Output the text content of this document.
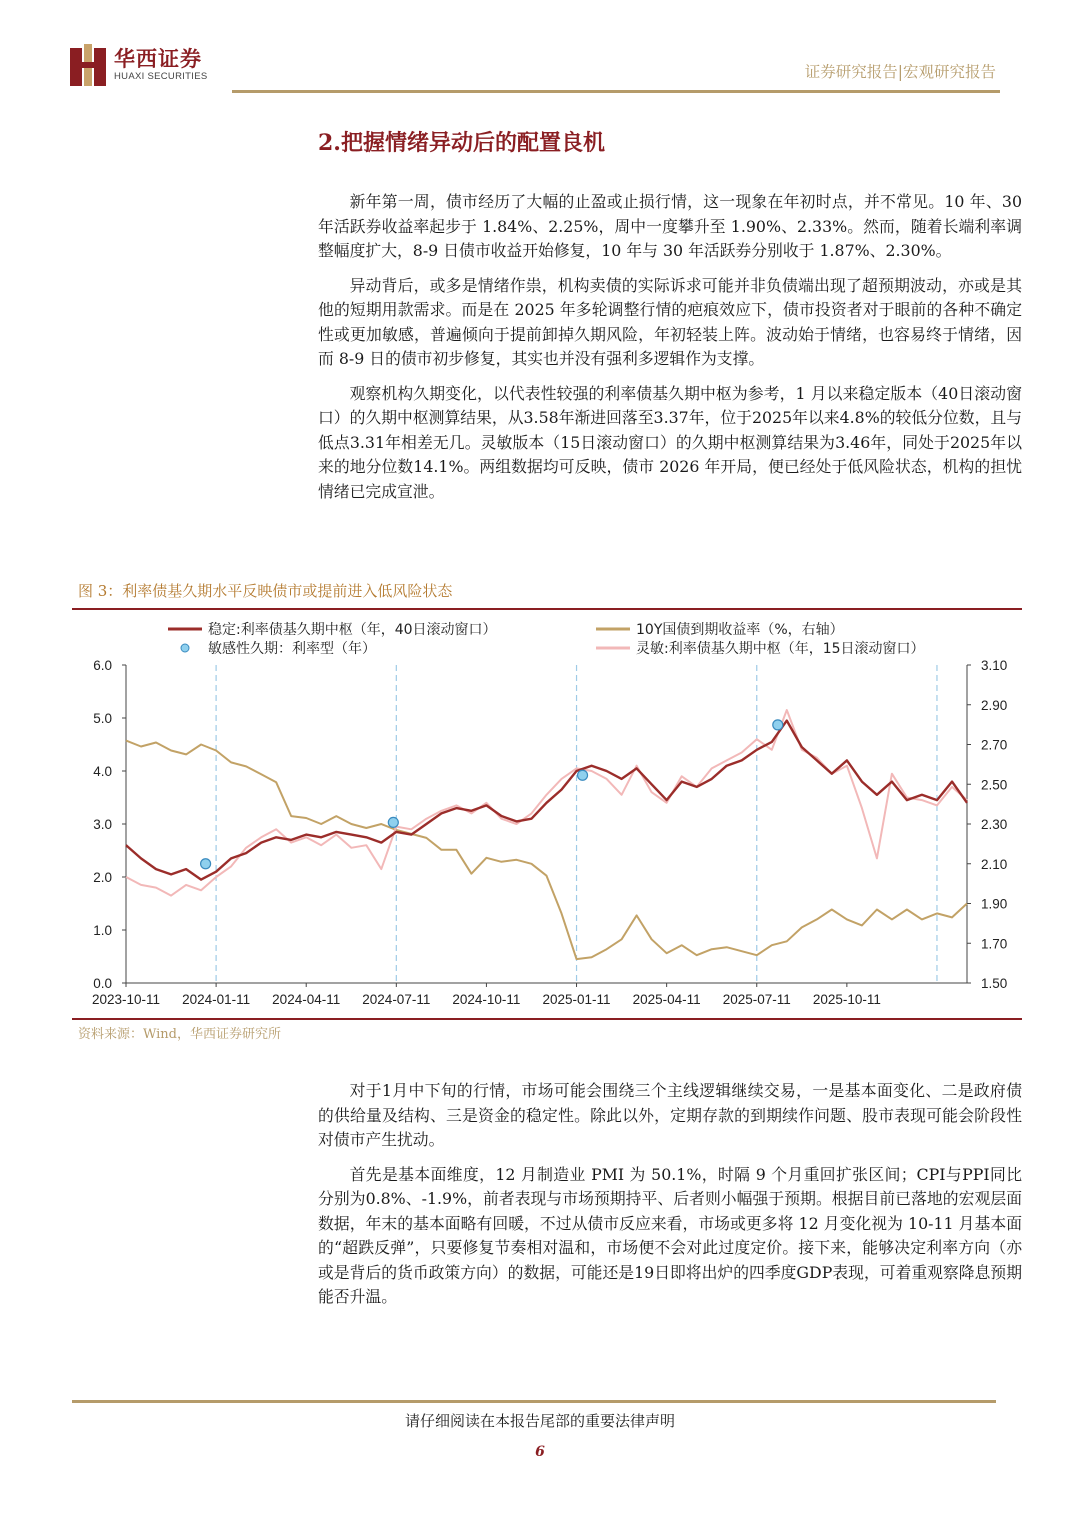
华西证券
HUAXI SECURITIES	证券研究报告|宏观研究报告
2.把握情绪异动后的配置良机

新年第一周，债市经历了大幅的止盈或止损行情，这一现象在年初时点，并不常见。10 年、30 年活跃券收益率起步于 1.84%、2.25%，周中一度攀升至 1.90%、2.33%。然而，随着长端利率调整幅度扩大，8-9 日债市收益开始修复，10 年与 30 年活跃券分别收于 1.87%、2.30%。

异动背后，或多是情绪作祟，机构卖债的实际诉求可能并非负债端出现了超预期波动，亦或是其他的短期用款需求。而是在 2025 年多轮调整行情的疤痕效应下，债市投资者对于眼前的各种不确定性或更加敏感，普遍倾向于提前卸掉久期风险，年初轻装上阵。波动始于情绪，也容易终于情绪，因而 8-9 日的债市初步修复，其实也并没有强利多逻辑作为支撑。

观察机构久期变化，以代表性较强的利率债基久期中枢为参考，1 月以来稳定版本（40日滚动窗口）的久期中枢测算结果，从3.58年渐进回落至3.37年，位于2025年以来4.8%的较低分位数，且与低点3.31年相差无几。灵敏版本（15日滚动窗口）的久期中枢测算结果为3.46年，同处于2025年以来的地分位数14.1%。两组数据均可反映，债市 2026 年开局，便已经处于低风险状态，机构的担忧情绪已完成宣泄。

图 3：利率债基久期水平反映债市或提前进入低风险状态
稳定:利率债基久期中枢（年，40日滚动窗口）	10Y国债到期收益率（%，右轴）
敏感性久期：利率型（年）	灵敏:利率债基久期中枢（年，15日滚动窗口）
6.0
5.0
4.0
3.0
2.0
1.0
0.0
3.10
2.90
2.70
2.50
2.30
2.10
1.90
1.70
1.50
2023-10-11 2024-01-11 2024-04-11 2024-07-11 2024-10-11 2025-01-11 2025-04-11 2025-07-11 2025-10-11
资料来源：Wind，华西证券研究所

对于1月中下旬的行情，市场可能会围绕三个主线逻辑继续交易，一是基本面变化、二是政府债的供给量及结构、三是资金的稳定性。除此以外，定期存款的到期续作问题、股市表现可能会阶段性对债市产生扰动。

首先是基本面维度，12 月制造业 PMI 为 50.1%，时隔 9 个月重回扩张区间；CPI与PPI同比分别为0.8%、-1.9%，前者表现与市场预期持平、后者则小幅强于预期。根据目前已落地的宏观层面数据，年末的基本面略有回暖，不过从债市反应来看，市场或更多将 12 月变化视为 10-11 月基本面的“超跌反弹”，只要修复节奏相对温和，市场便不会对此过度定价。接下来，能够决定利率方向（亦或是背后的货币政策方向）的数据，可能还是19日即将出炉的四季度GDP表现，可着重观察降息预期能否升温。

请仔细阅读在本报告尾部的重要法律声明
6
